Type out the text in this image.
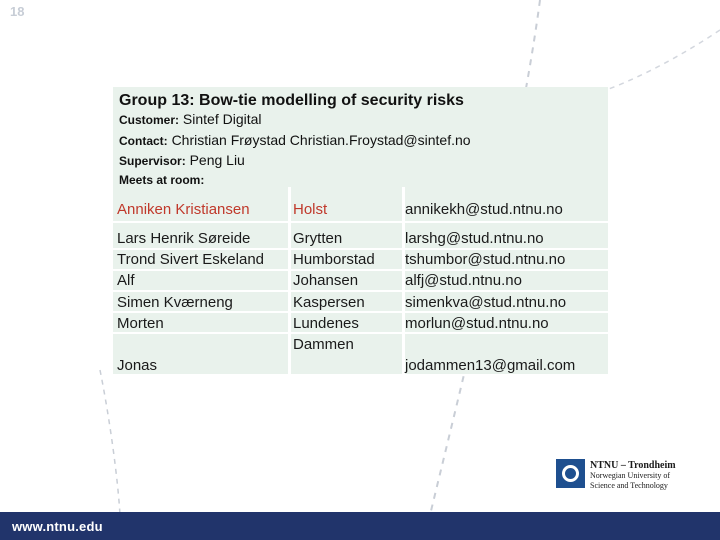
18
Group 13: Bow-tie modelling of security risks
Customer: Sintef Digital
Contact: Christian Frøystad Christian.Froystad@sintef.no
Supervisor: Peng Liu
Meets at room:
Anniken Kristiansen	Holst	annikekh@stud.ntnu.no
Lars Henrik Søreide
Trond Sivert Eskeland
Alf
Simen Kværneng
Morten
Jonas
Grytten
Humborstad
Johansen
Kaspersen
Lundenes
Dammen
larshg@stud.ntnu.no
tshumbor@stud.ntnu.no
alfj@stud.ntnu.no
simenkva@stud.ntnu.no
morlun@stud.ntnu.no
jodammen13@gmail.com
NTNU – Trondheim
Norwegian University of
Science and Technology
www.ntnu.edu
